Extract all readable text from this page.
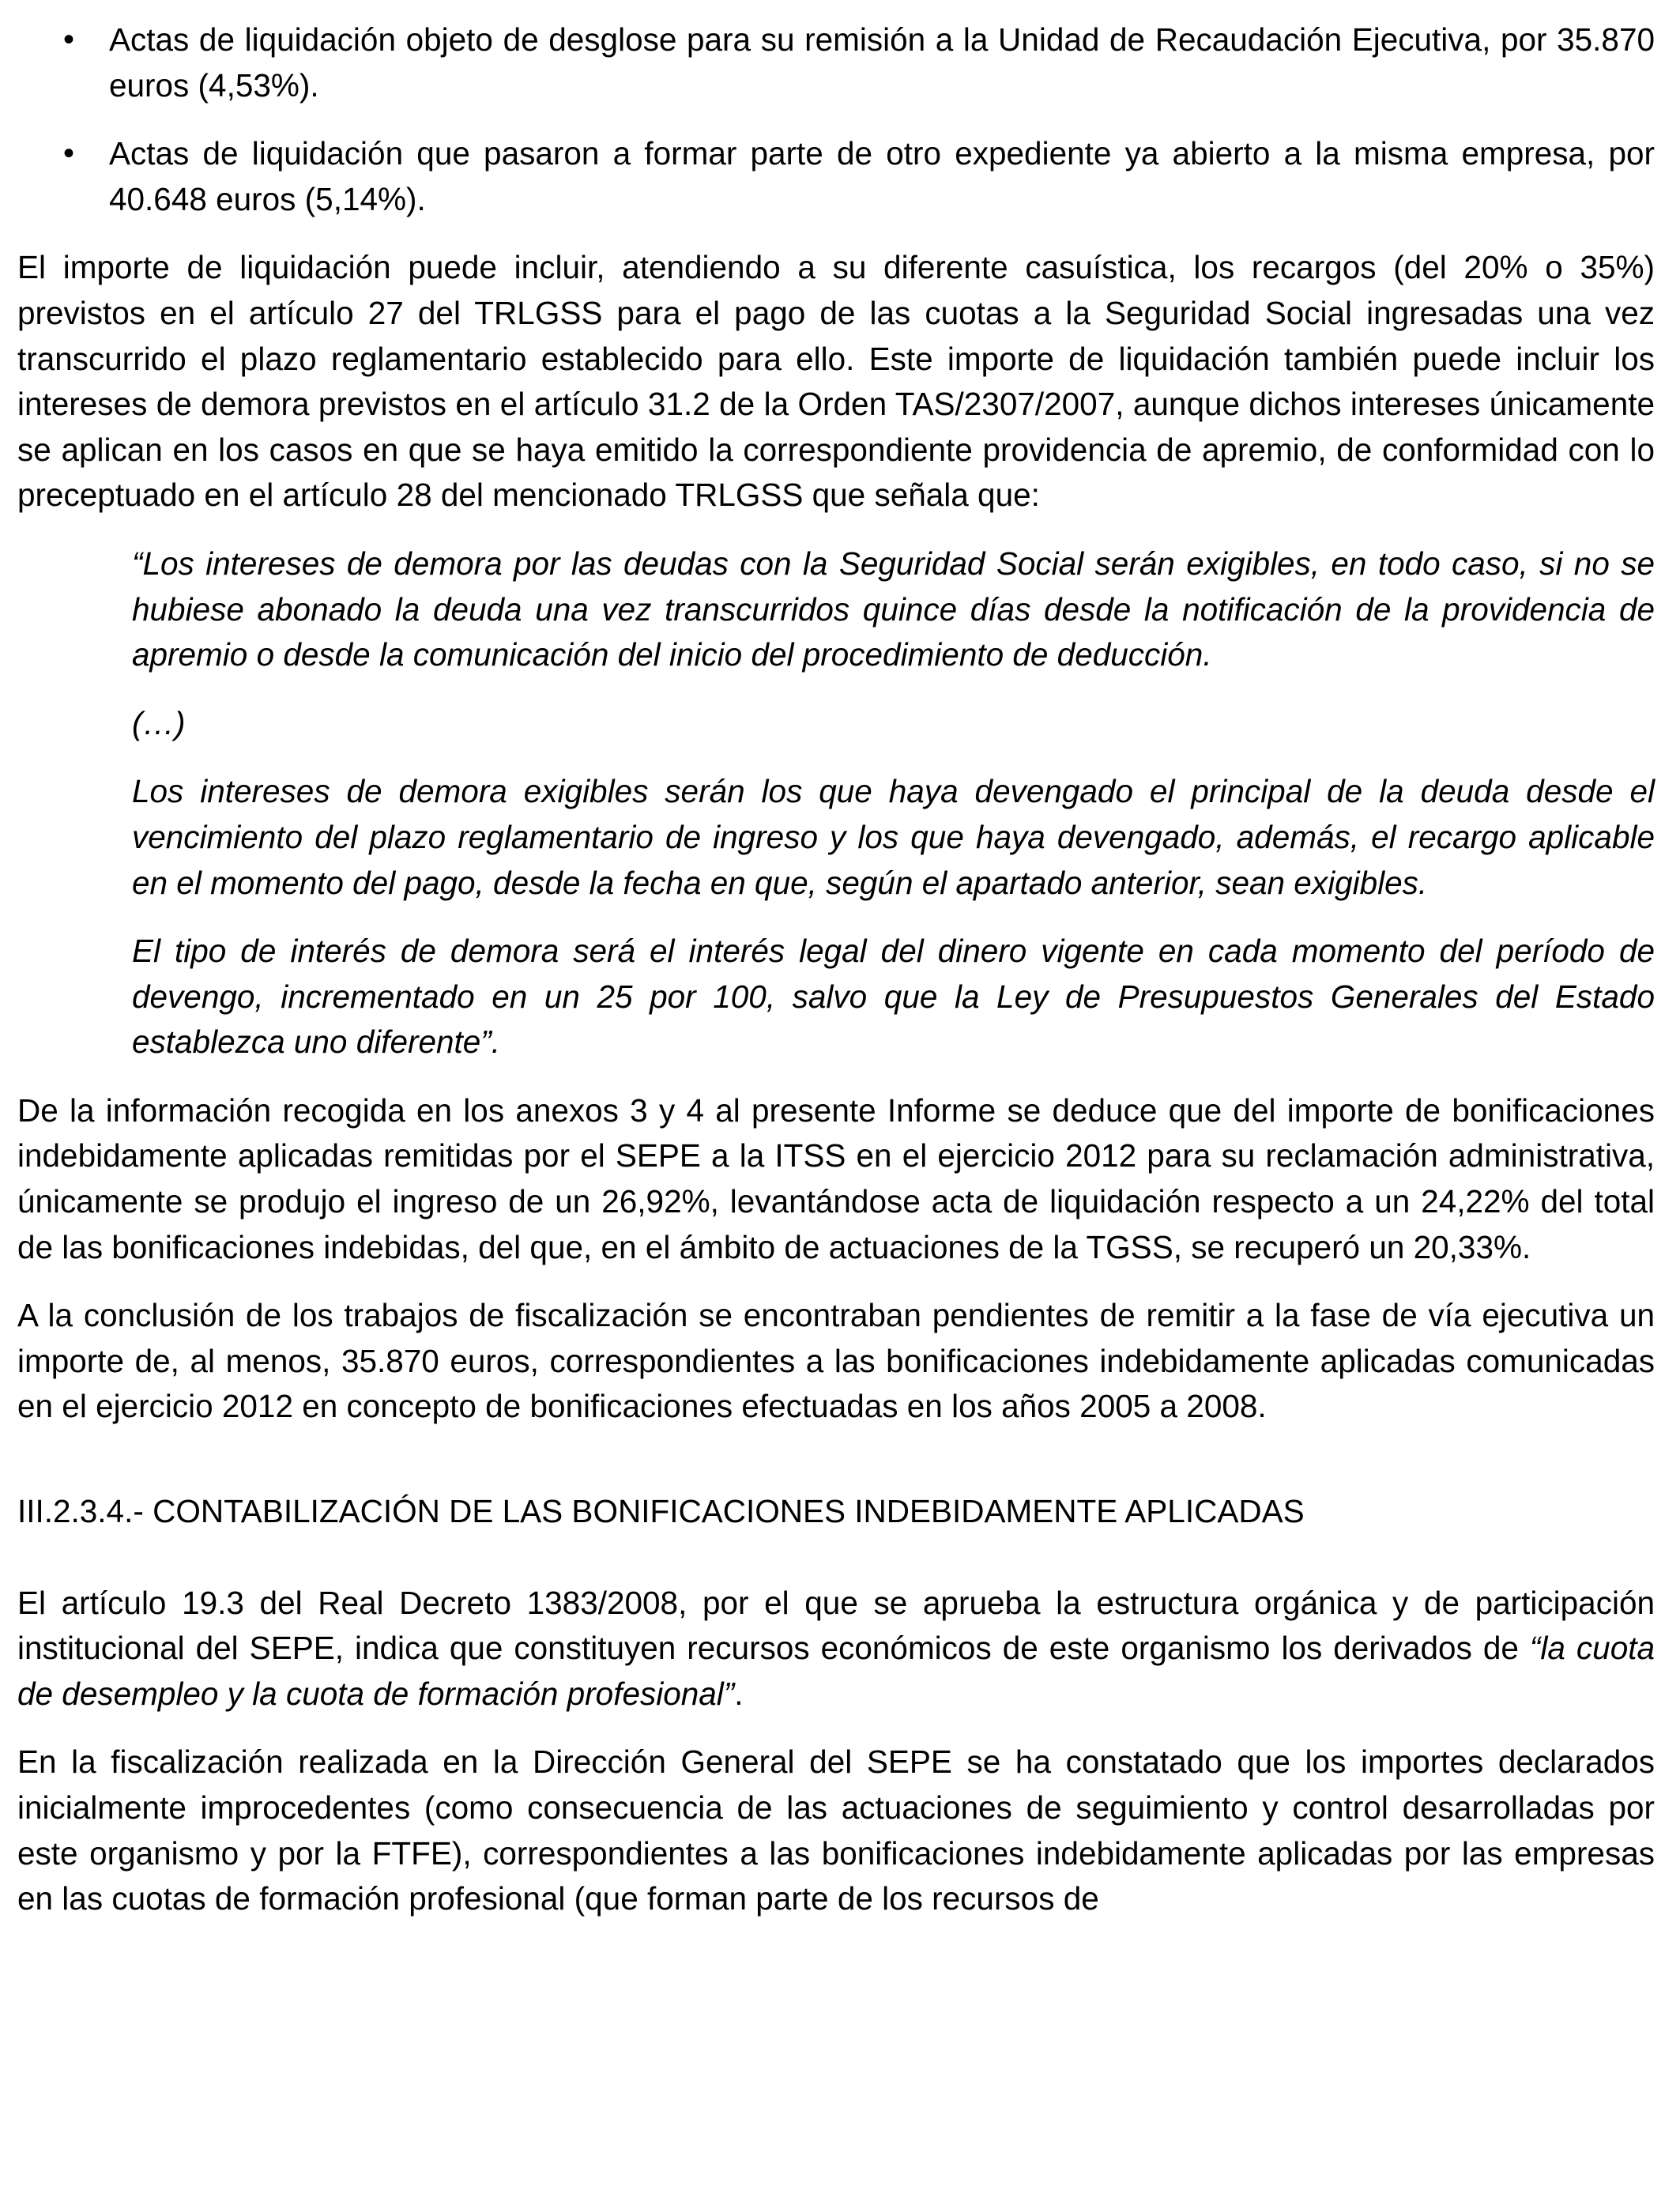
• Actas de liquidación objeto de desglose para su remisión a la Unidad de Recaudación Ejecutiva, por 35.870 euros (4,53%).
• Actas de liquidación que pasaron a formar parte de otro expediente ya abierto a la misma empresa, por 40.648 euros (5,14%).

El importe de liquidación puede incluir, atendiendo a su diferente casuística, los recargos (del 20% o 35%) previstos en el artículo 27 del TRLGSS para el pago de las cuotas a la Seguridad Social ingresadas una vez transcurrido el plazo reglamentario establecido para ello. Este importe de liquidación también puede incluir los intereses de demora previstos en el artículo 31.2 de la Orden TAS/2307/2007, aunque dichos intereses únicamente se aplican en los casos en que se haya emitido la correspondiente providencia de apremio, de conformidad con lo preceptuado en el artículo 28 del mencionado TRLGSS que señala que:

“Los intereses de demora por las deudas con la Seguridad Social serán exigibles, en todo caso, si no se hubiese abonado la deuda una vez transcurridos quince días desde la notificación de la providencia de apremio o desde la comunicación del inicio del procedimiento de deducción.

(…)

Los intereses de demora exigibles serán los que haya devengado el principal de la deuda desde el vencimiento del plazo reglamentario de ingreso y los que haya devengado, además, el recargo aplicable en el momento del pago, desde la fecha en que, según el apartado anterior, sean exigibles.

El tipo de interés de demora será el interés legal del dinero vigente en cada momento del período de devengo, incrementado en un 25 por 100, salvo que la Ley de Presupuestos Generales del Estado establezca uno diferente”.

De la información recogida en los anexos 3 y 4 al presente Informe se deduce que del importe de bonificaciones indebidamente aplicadas remitidas por el SEPE a la ITSS en el ejercicio 2012 para su reclamación administrativa, únicamente se produjo el ingreso de un 26,92%, levantándose acta de liquidación respecto a un 24,22% del total de las bonificaciones indebidas, del que, en el ámbito de actuaciones de la TGSS, se recuperó un 20,33%.

A la conclusión de los trabajos de fiscalización se encontraban pendientes de remitir a la fase de vía ejecutiva un importe de, al menos, 35.870 euros, correspondientes a las bonificaciones indebidamente aplicadas comunicadas en el ejercicio 2012 en concepto de bonificaciones efectuadas en los años 2005 a 2008.

III.2.3.4.- CONTABILIZACIÓN DE LAS BONIFICACIONES INDEBIDAMENTE APLICADAS

El artículo 19.3 del Real Decreto 1383/2008, por el que se aprueba la estructura orgánica y de participación institucional del SEPE, indica que constituyen recursos económicos de este organismo los derivados de “la cuota de desempleo y la cuota de formación profesional”.

En la fiscalización realizada en la Dirección General del SEPE se ha constatado que los importes declarados inicialmente improcedentes (como consecuencia de las actuaciones de seguimiento y control desarrolladas por este organismo y por la FTFE), correspondientes a las bonificaciones indebidamente aplicadas por las empresas en las cuotas de formación profesional (que forman parte de los recursos de
